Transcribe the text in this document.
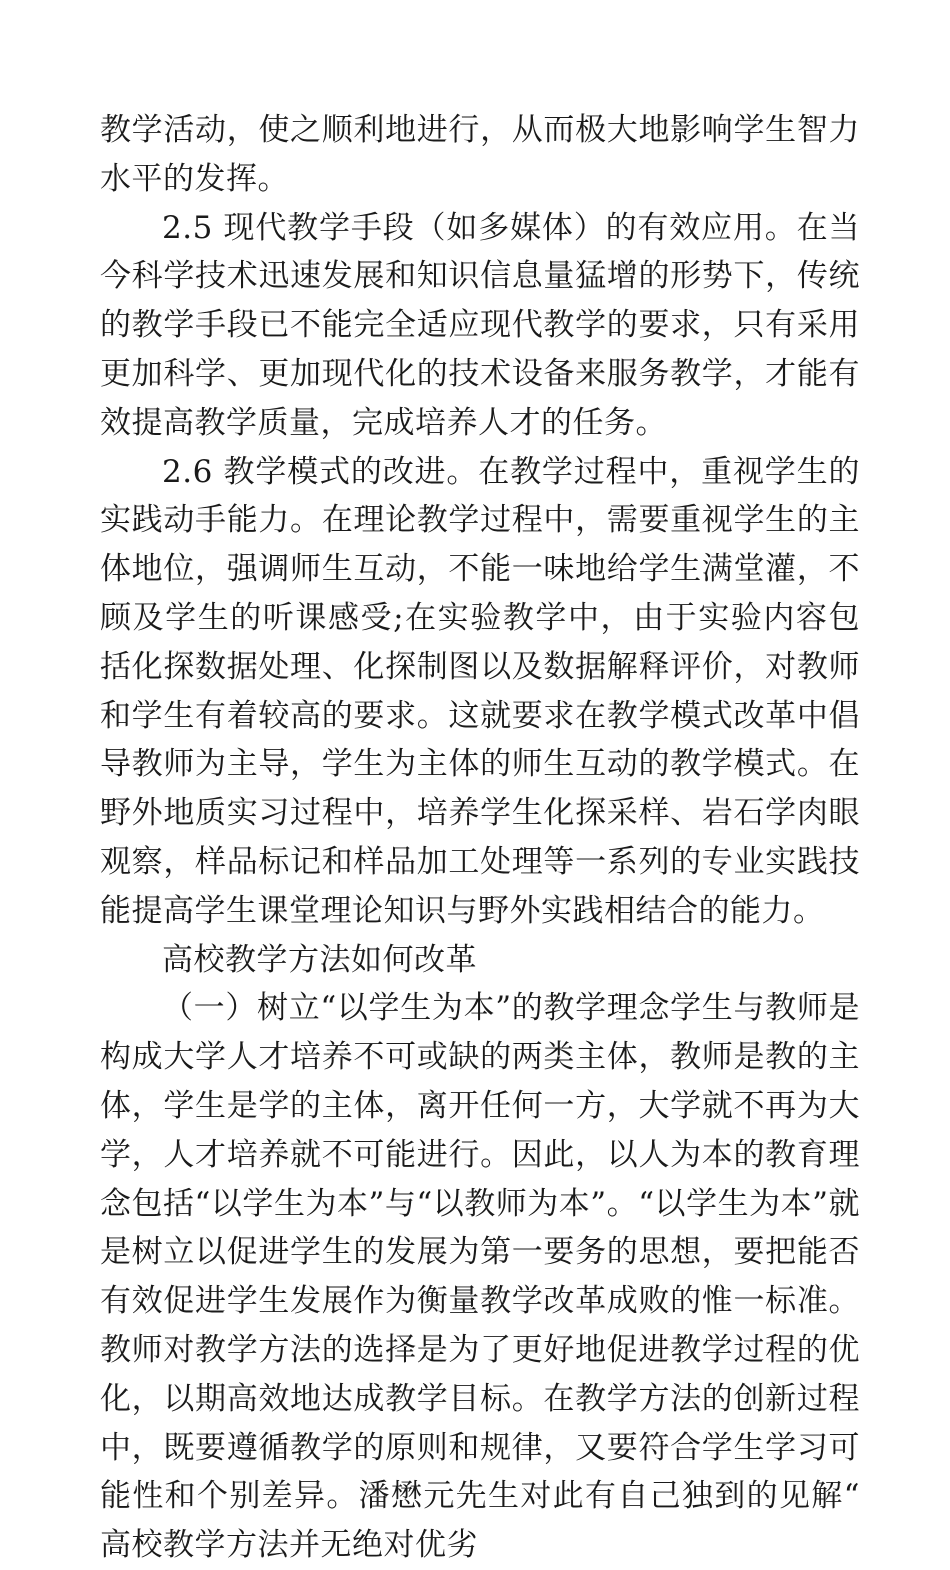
教学活动，使之顺利地进行，从而极大地影响学生智力水平的发挥。

2.5 现代教学手段（如多媒体）的有效应用。在当今科学技术迅速发展和知识信息量猛增的形势下，传统的教学手段已不能完全适应现代教学的要求，只有采用更加科学、更加现代化的技术设备来服务教学，才能有效提高教学质量，完成培养人才的任务。

2.6 教学模式的改进。在教学过程中，重视学生的实践动手能力。在理论教学过程中，需要重视学生的主体地位，强调师生互动，不能一味地给学生满堂灌，不顾及学生的听课感受;在实验教学中，由于实验内容包括化探数据处理、化探制图以及数据解释评价，对教师和学生有着较高的要求。这就要求在教学模式改革中倡导教师为主导，学生为主体的师生互动的教学模式。在野外地质实习过程中，培养学生化探采样、岩石学肉眼观察，样品标记和样品加工处理等一系列的专业实践技能提高学生课堂理论知识与野外实践相结合的能力。

高校教学方法如何改革

（一）树立“以学生为本”的教学理念学生与教师是构成大学人才培养不可或缺的两类主体，教师是教的主体，学生是学的主体，离开任何一方，大学就不再为大学，人才培养就不可能进行。因此，以人为本的教育理念包括“以学生为本”与“以教师为本”。“以学生为本”就是树立以促进学生的发展为第一要务的思想，要把能否有效促进学生发展作为衡量教学改革成败的惟一标准。教师对教学方法的选择是为了更好地促进教学过程的优化，以期高效地达成教学目标。在教学方法的创新过程中，既要遵循教学的原则和规律，又要符合学生学习可能性和个别差异。潘懋元先生对此有自己独到的见解“高校教学方法并无绝对优劣
